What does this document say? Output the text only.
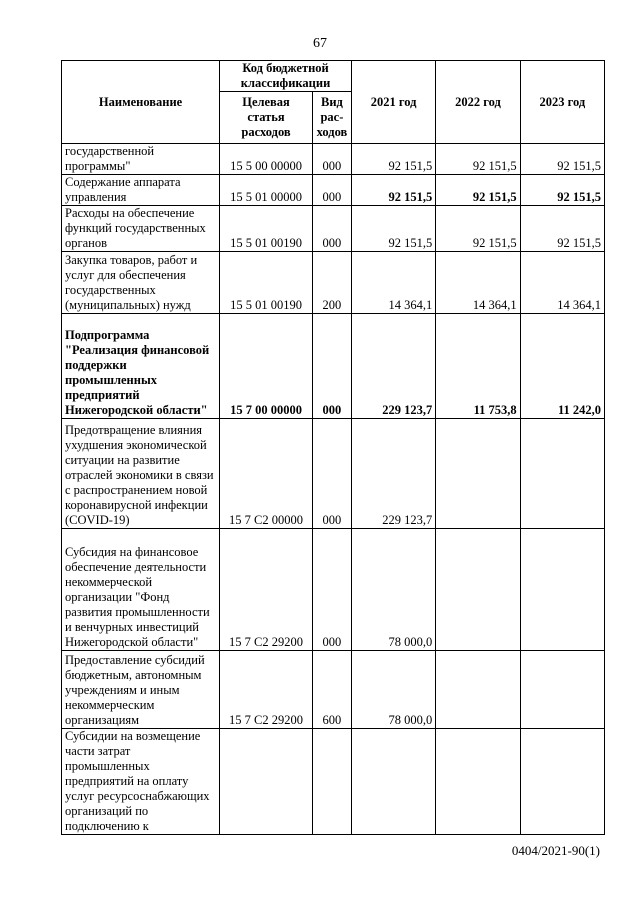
67
Наименование	Код бюджетной классификации		2021 год	2022 год	2023 год
	Целевая статья расходов	Вид рас-ходов			
государственной программы"	15 5 00 00000	000	92 151,5	92 151,5	92 151,5
Содержание аппарата управления	15 5 01 00000	000	92 151,5	92 151,5	92 151,5
Расходы на обеспечение функций государственных органов	15 5 01 00190	000	92 151,5	92 151,5	92 151,5
Закупка товаров, работ и услуг для обеспечения государственных (муниципальных) нужд	15 5 01 00190	200	14 364,1	14 364,1	14 364,1
Подпрограмма "Реализация финансовой поддержки промышленных предприятий Нижегородской области"	15 7 00 00000	000	229 123,7	11 753,8	11 242,0
Предотвращение влияния ухудшения экономической ситуации на развитие отраслей экономики в связи с распространением новой коронавирусной инфекции (COVID-19)	15 7 C2 00000	000	229 123,7		
Субсидия на финансовое обеспечение деятельности некоммерческой организации "Фонд развития промышленности и венчурных инвестиций Нижегородской области"	15 7 C2 29200	000	78 000,0		
Предоставление субсидий бюджетным, автономным учреждениям и иным некоммерческим организациям	15 7 C2 29200	600	78 000,0		
Субсидии на возмещение части затрат промышленных предприятий на оплату услуг ресурсоснабжающих организаций по подключению к					
0404/2021-90(1)
